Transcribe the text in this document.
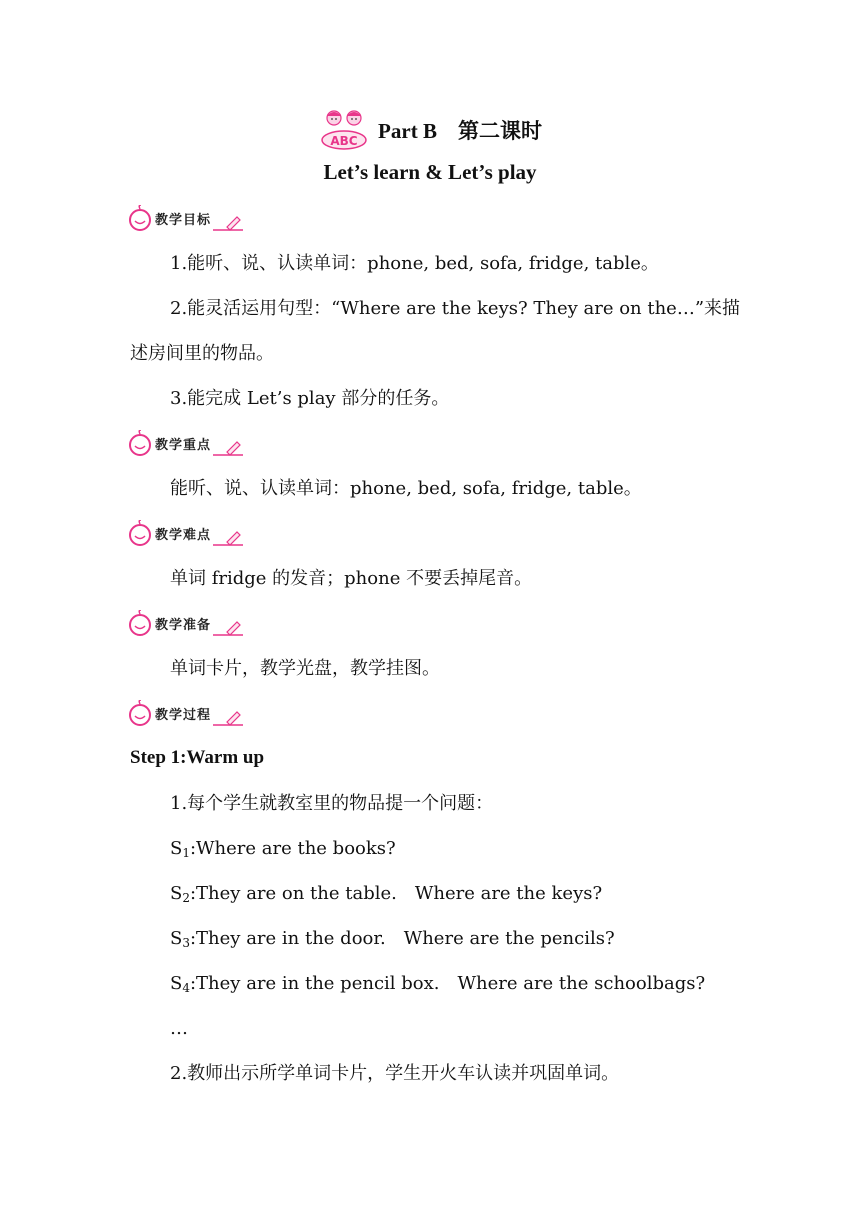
ABC Part B　第二课时
Let’s learn & Let’s play
教学目标
1.能听、说、认读单词：phone, bed, sofa, fridge, table。
2.能灵活运用句型：“Where are the keys? They are on the…”来描
述房间里的物品。
3.能完成 Let’s play 部分的任务。
教学重点
能听、说、认读单词：phone, bed, sofa, fridge, table。
教学难点
单词 fridge 的发音；phone 不要丢掉尾音。
教学准备
单词卡片，教学光盘，教学挂图。
教学过程
Step 1:Warm up
1.每个学生就教室里的物品提一个问题：
$S_1:Where$ are the books?
$S_2:They$ are on the table.　Where are the keys?
$S_3:They$ are in the door.　Where are the pencils?
$S_4:They$ are in the pencil box.　Where are the schoolbags?
…
2.教师出示所学单词卡片，学生开火车认读并巩固单词。
